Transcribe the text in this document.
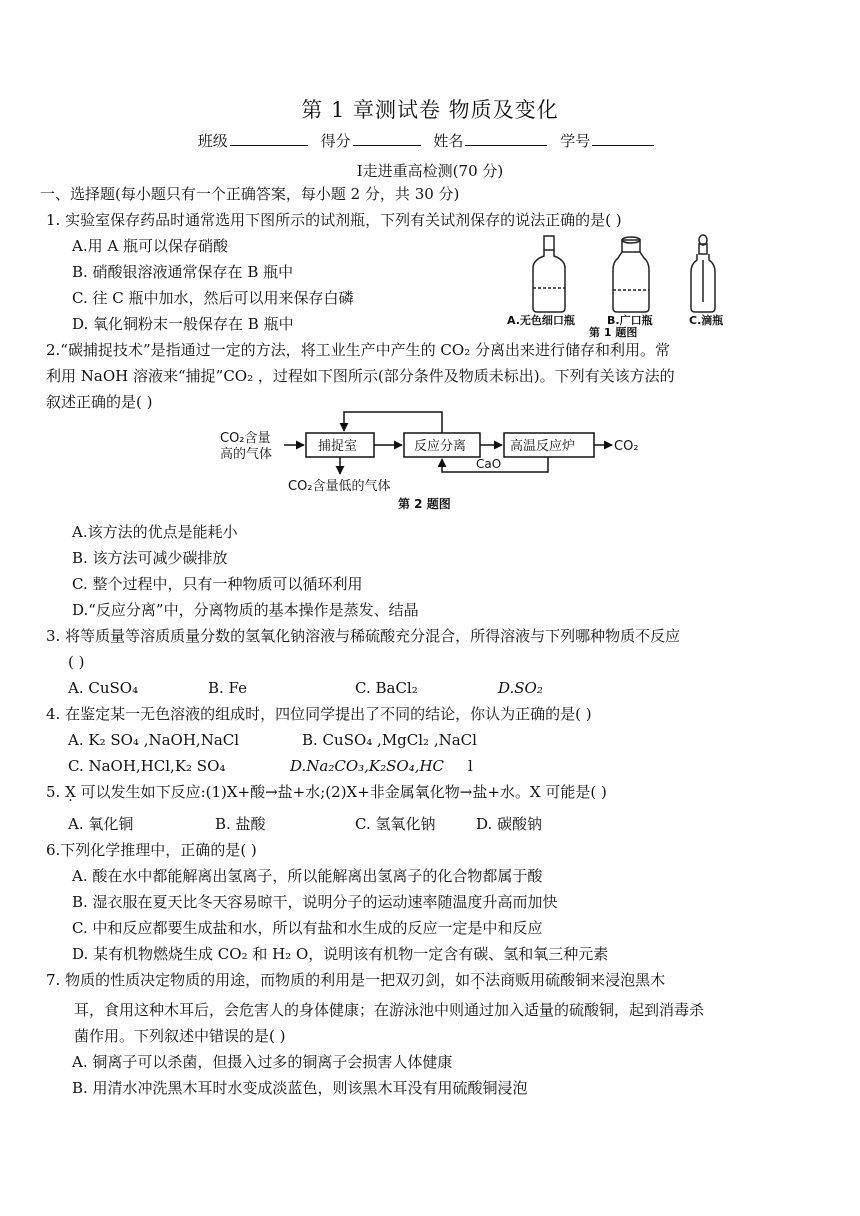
第 1 章测试卷 物质及变化
班级	得分	姓名	学号
Ⅰ走进重高检测(70 分)
一、选择题(每小题只有一个正确答案，每小题 2 分，共 30 分)
1. 实验室保存药品时通常选用下图所示的试剂瓶，下列有关试剂保存的说法正确的是( )
A.用 A 瓶可以保存硝酸
B. 硝酸银溶液通常保存在 B 瓶中
C. 往 C 瓶中加水，然后可以用来保存白磷
D. 氧化铜粉末一般保存在 B 瓶中	A.无色细口瓶	B.广口瓶	C.滴瓶
第 1 题图
2.“碳捕捉技术”是指通过一定的方法，将工业生产中产生的 CO₂ 分离出来进行储存和利用。常
利用 NaOH 溶液来“捕捉”CO₂ ，过程如下图所示(部分条件及物质未标出)。下列有关该方法的
叙述正确的是( )
CO₂含量
高的气体
捕捉室	反应分离	高温反应炉	CO₂
CaO
CO₂含量低的气体
第 2 题图
A.该方法的优点是能耗小
B. 该方法可减少碳排放
C. 整个过程中，只有一种物质可以循环利用
D.“反应分离”中，分离物质的基本操作是蒸发、结晶
3. 将等质量等溶质质量分数的氢氧化钠溶液与稀硫酸充分混合，所得溶液与下列哪种物质不反应
( )
A. CuSO₄	B. Fe	C. BaCl₂	D.SO₂
4. 在鉴定某一无色溶液的组成时，四位同学提出了不同的结论，你认为正确的是( )
A. K₂ SO₄ ,NaOH,NaCl	B. CuSO₄ ,MgCl₂ ,NaCl
C. NaOH,HCl,K₂ SO₄	D.Na₂CO₃,K₂SO₄,HC l
5. X · 可以发生如下反应:(1)X+酸→盐+水;(2)X+非金属氧化物→盐+水。X 可能是( )
A. 氧化铜	B. 盐酸	C. 氢氧化钠	D. 碳酸钠
6.下列化学推理中，正确的是( )
A. 酸在水中都能解离出氢离子，所以能解离出氢离子的化合物都属于酸
B. 湿衣服在夏天比冬天容易晾干，说明分子的运动速率随温度升高而加快
C. 中和反应都要生成盐和水，所以有盐和水生成的反应一定是中和反应
D. 某有机物燃烧生成 CO₂ 和 H₂ O，说明该有机物一定含有碳、氢和氧三种元素
7. 物质的性质决定物质的用途，而物质的利用是一把双刃剑，如不法商贩用硫酸铜来浸泡黑木
耳，食用这种木耳后，会危害人的身体健康；在游泳池中则通过加入适量的硫酸铜，起到消毒杀
菌作用。下列叙述中错误的是( )
A. 铜离子可以杀菌，但摄入过多的铜离子会损害人体健康
B. 用清水冲洗黑木耳时水变成淡蓝色，则该黑木耳没有用硫酸铜浸泡
